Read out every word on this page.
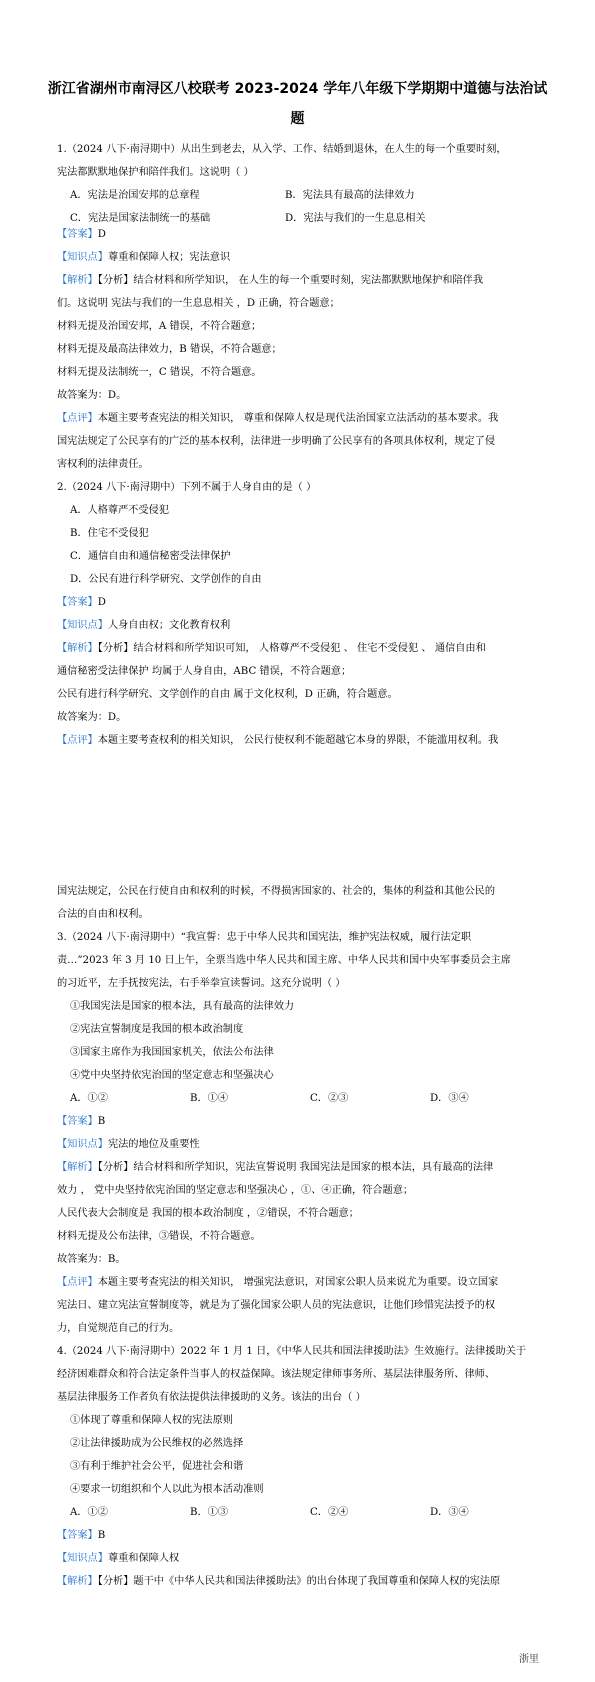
浙江省湖州市南浔区八校联考 2023-2024 学年八年级下学期期中道德与法治试
题
1.（2024 八下·南浔期中）从出生到老去，从入学、工作、结婚到退休，在人生的每一个重要时刻，
宪法都默默地保护和陪伴我们。这说明（ ）
【答案】D
【知识点】尊重和保障人权；宪法意识
【解析】【分析】结合材料和所学知识， 在人生的每一个重要时刻，宪法都默默地保护和陪伴我
们。这说明 宪法与我们的一生息息相关 ，D 正确，符合题意；
材料无提及治国安邦，A 错误，不符合题意；
材料无提及最高法律效力，B 错误，不符合题意；
材料无提及法制统一，C 错误，不符合题意。
故答案为：D。
【点评】本题主要考查宪法的相关知识， 尊重和保障人权是现代法治国家立法活动的基本要求。我
国宪法规定了公民享有的广泛的基本权利，法律进一步明确了公民享有的各项具体权利，规定了侵
害权利的法律责任。
2.（2024 八下·南浔期中）下列不属于人身自由的是（ ）
A．人格尊严不受侵犯
B．住宅不受侵犯
C．通信自由和通信秘密受法律保护
D．公民有进行科学研究、文学创作的自由
【答案】D
【知识点】人身自由权；文化教育权利
【解析】【分析】结合材料和所学知识可知， 人格尊严不受侵犯 、 住宅不受侵犯 、 通信自由和
通信秘密受法律保护 均属于人身自由，ABC 错误，不符合题意；
公民有进行科学研究、文学创作的自由 属于文化权利，D 正确，符合题意。
故答案为：D。
【点评】本题主要考查权利的相关知识， 公民行使权利不能超越它本身的界限，不能滥用权利。我
国宪法规定，公民在行使自由和权利的时候，不得损害国家的、社会的，集体的利益和其他公民的
合法的自由和权利。
3.（2024 八下·南浔期中）“我宣誓：忠于中华人民共和国宪法，维护宪法权威，履行法定职
责…”2023 年 3 月 10 日上午，全票当选中华人民共和国主席、中华人民共和国中央军事委员会主席
的习近平，左手抚按宪法，右手举拳宣读誓词。这充分说明（ ）
①我国宪法是国家的根本法，具有最高的法律效力
②宪法宣誓制度是我国的根本政治制度
③国家主席作为我国国家机关，依法公布法律
④党中央坚持依宪治国的坚定意志和坚强决心
【答案】B
【知识点】宪法的地位及重要性
【解析】【分析】结合材料和所学知识，宪法宣誓说明 我国宪法是国家的根本法，具有最高的法律
效力 ， 党中央坚持依宪治国的坚定意志和坚强决心 ，①、④正确，符合题意；
人民代表大会制度是 我国的根本政治制度 ，②错误，不符合题意；
材料无提及公布法律，③错误，不符合题意。
故答案为：B。
【点评】本题主要考查宪法的相关知识， 增强宪法意识，对国家公职人员来说尤为重要。设立国家
宪法日、建立宪法宣誓制度等，就是为了强化国家公职人员的宪法意识，让他们珍惜宪法授予的权
力，自觉规范自己的行为。
4.（2024 八下·南浔期中）2022 年 1 月 1 日，《中华人民共和国法律援助法》生效施行。法律援助关于
经济困难群众和符合法定条件当事人的权益保障。该法规定律师事务所、基层法律服务所、律师、
基层法律服务工作者负有依法提供法律援助的义务。该法的出台（ ）
①体现了尊重和保障人权的宪法原则
②让法律援助成为公民维权的必然选择
③有利于维护社会公平，促进社会和谐
④要求一切组织和个人以此为根本活动准则
【答案】B
【知识点】尊重和保障人权
【解析】【分析】题干中《中华人民共和国法律援助法》的出台体现了我国尊重和保障人权的宪法原
A．宪法是治国安邦的总章程	B．宪法具有最高的法律效力
C．宪法是国家法制统一的基础	D．宪法与我们的一生息息相关
A．①②	B．①④	C．②③	D．③④
A．①②	B．①③	C．②④	D．③④
浙里
